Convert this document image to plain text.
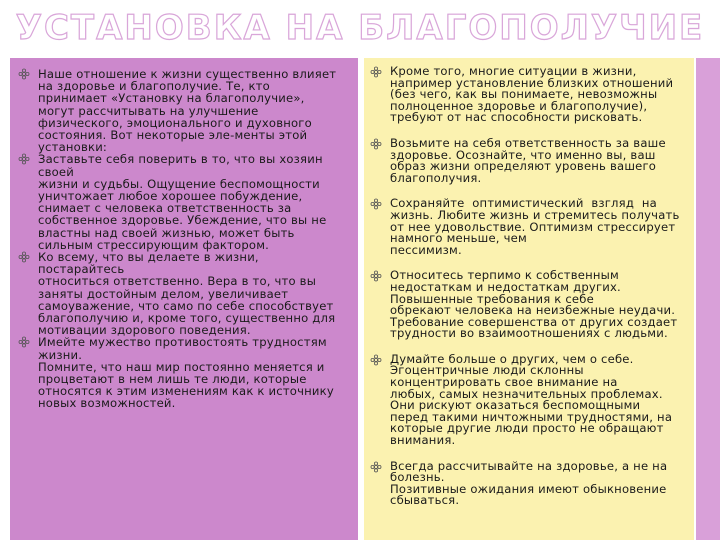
УСТАНОВКА НА БЛАГОПОЛУЧИЕ
Наше отношение к жизни существенно влияет
на здоровье и благополучие. Те, кто
принимает «Установку на благополучие»,
могут рассчитывать на улучшение
физического, эмоционального и духовного
состояния. Вот некоторые эле-менты этой
установки:
Заставьте себя поверить в то, что вы хозяин
своей
жизни и судьбы. Ощущение беспомощности
уничтожает любое хорошее побуждение,
снимает с человека ответственность за
собственное здоровье. Убеждение, что вы не
властны над своей жизнью, может быть
сильным стрессирующим фактором.
Ко всему, что вы делаете в жизни,
постарайтесь
относиться ответственно. Вера в то, что вы
заняты достойным делом, увеличивает
самоуважение, что само по себе способствует
благополучию и, кроме того, существенно для
мотивации здорового поведения.
Имейте мужество противостоять трудностям
жизни.
Помните, что наш мир постоянно меняется и
процветают в нем лишь те люди, которые
относятся к этим изменениям как к источнику
новых возможностей.
Кроме того, многие ситуации в жизни,
например установление близких отношений
(без чего, как вы понимаете, невозможны
полноценное здоровье и благополучие),
требуют от нас способности рисковать.
Возьмите на себя ответственность за ваше
здоровье. Осознайте, что именно вы, ваш
образ жизни определяют уровень вашего
благополучия.
Сохраняйте  оптимистический  взгляд  на
жизнь. Любите жизнь и стремитесь получать
от нее удовольствие. Оптимизм стрессирует
намного меньше, чем
пессимизм.
Относитесь терпимо к собственным
недостаткам и недостаткам других.
Повышенные требования к себе
обрекают человека на неизбежные неудачи.
Требование совершенства от других создает
трудности во взаимоотношениях с людьми.
Думайте больше о других, чем о себе.
Эгоцентричные люди склонны
концентрировать свое внимание на
любых, самых незначительных проблемах.
Они рискуют оказаться беспомощными
перед такими ничтожными трудностями, на
которые другие люди просто не обращают
внимания.
Всегда рассчитывайте на здоровье, а не на
болезнь.
Позитивные ожидания имеют обыкновение
сбываться.
